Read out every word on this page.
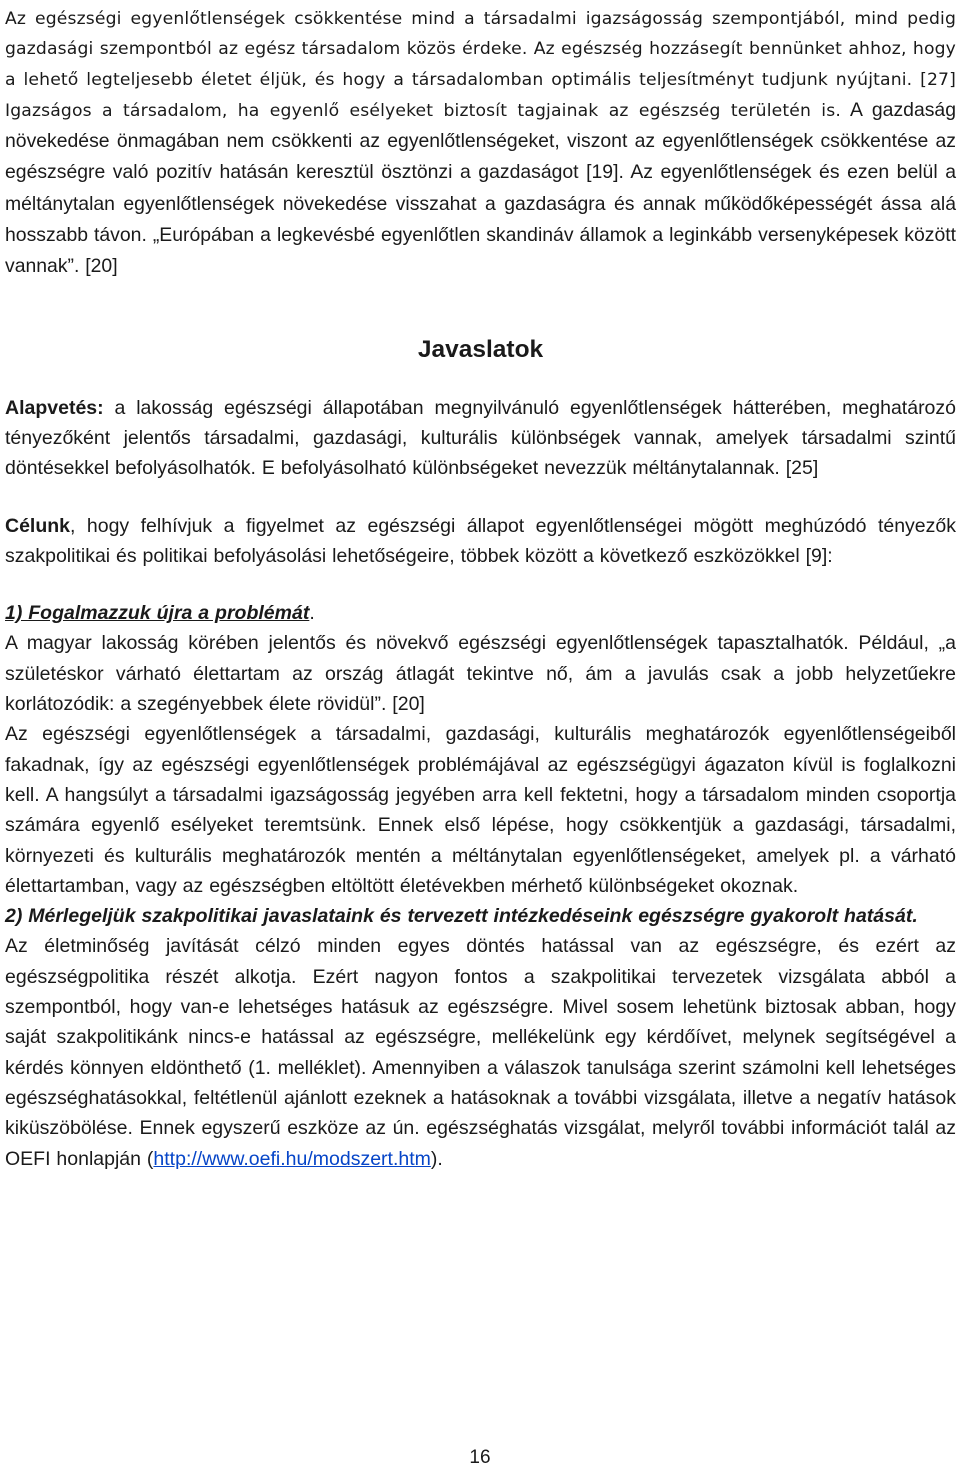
Az egészségi egyenlőtlenségek csökkentése mind a társadalmi igazságosság szempontjából, mind pedig gazdasági szempontból az egész társadalom közös érdeke. Az egészség hozzásegít bennünket ahhoz, hogy a lehető legteljesebb életet éljük, és hogy a társadalomban optimális teljesítményt tudjunk nyújtani. [27] Igazságos a társadalom, ha egyenlő esélyeket biztosít tagjainak az egészség területén is. A gazdaság növekedése önmagában nem csökkenti az egyenlőtlenségeket, viszont az egyenlőtlenségek csökkentése az egészségre való pozitív hatásán keresztül ösztönzi a gazdaságot [19]. Az egyenlőtlenségek és ezen belül a méltánytalan egyenlőtlenségek növekedése visszahat a gazdaságra és annak működőképességét ássa alá hosszabb távon. „Európában a legkevésbé egyenlőtlen skandináv államok a leginkább versenyképesek között vannak”. [20]

Javaslatok

Alapvetés: a lakosság egészségi állapotában megnyilvánuló egyenlőtlenségek hátterében, meghatározó tényezőként jelentős társadalmi, gazdasági, kulturális különbségek vannak, amelyek társadalmi szintű döntésekkel befolyásolhatók. E befolyásolható különbségeket nevezzük méltánytalannak. [25]

Célunk, hogy felhívjuk a figyelmet az egészségi állapot egyenlőtlenségei mögött meghúzódó tényezők szakpolitikai és politikai befolyásolási lehetőségeire, többek között a következő eszközökkel [9]:

1) Fogalmazzuk újra a problémát.

A magyar lakosság körében jelentős és növekvő egészségi egyenlőtlenségek tapasztalhatók. Például, „a születéskor várható élettartam az ország átlagát tekintve nő, ám a javulás csak a jobb helyzetűekre korlátozódik: a szegényebbek élete rövidül”. [20]

Az egészségi egyenlőtlenségek a társadalmi, gazdasági, kulturális meghatározók egyenlőtlenségeiből fakadnak, így az egészségi egyenlőtlenségek problémájával az egészségügyi ágazaton kívül is foglalkozni kell. A hangsúlyt a társadalmi igazságosság jegyében arra kell fektetni, hogy a társadalom minden csoportja számára egyenlő esélyeket teremtsünk. Ennek első lépése, hogy csökkentjük a gazdasági, társadalmi, környezeti és kulturális meghatározók mentén a méltánytalan egyenlőtlenségeket, amelyek pl. a várható élettartamban, vagy az egészségben eltöltött életévekben mérhető különbségeket okoznak.

2) Mérlegeljük szakpolitikai javaslataink és tervezett intézkedéseink egészségre gyakorolt hatását.

Az életminőség javítását célzó minden egyes döntés hatással van az egészségre, és ezért az egészségpolitika részét alkotja. Ezért nagyon fontos a szakpolitikai tervezetek vizsgálata abból a szempontból, hogy van-e lehetséges hatásuk az egészségre. Mivel sosem lehetünk biztosak abban, hogy saját szakpolitikánk nincs-e hatással az egészségre, mellékelünk egy kérdőívet, melynek segítségével a kérdés könnyen eldönthető (1. melléklet). Amennyiben a válaszok tanulsága szerint számolni kell lehetséges egészséghatásokkal, feltétlenül ajánlott ezeknek a hatásoknak a további vizsgálata, illetve a negatív hatások kiküszöbölése. Ennek egyszerű eszköze az ún. egészséghatás vizsgálat, melyről további információt talál az OEFI honlapján (http://www.oefi.hu/modszert.htm).

16
